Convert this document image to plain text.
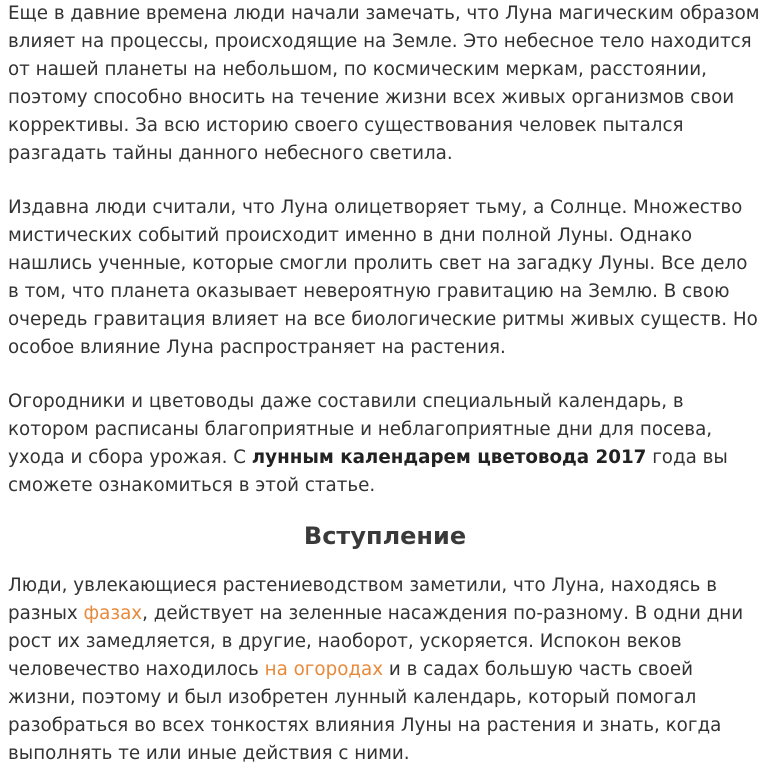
Еще в давние времена люди начали замечать, что Луна магическим образом влияет на процессы, происходящие на Земле. Это небесное тело находится от нашей планеты на небольшом, по космическим меркам, расстоянии, поэтому способно вносить на течение жизни всех живых организмов свои коррективы. За всю историю своего существования человек пытался разгадать тайны данного небесного светила.

Издавна люди считали, что Луна олицетворяет тьму, а Солнце. Множество мистических событий происходит именно в дни полной Луны. Однако нашлись ученные, которые смогли пролить свет на загадку Луны. Все дело в том, что планета оказывает невероятную гравитацию на Землю. В свою очередь гравитация влияет на все биологические ритмы живых существ. Но особое влияние Луна распространяет на растения.

Огородники и цветоводы даже составили специальный календарь, в котором расписаны благоприятные и неблагоприятные дни для посева, ухода и сбора урожая. С лунным календарем цветовода 2017 года вы сможете ознакомиться в этой статье.

Вступление

Люди, увлекающиеся растениеводством заметили, что Луна, находясь в разных фазах, действует на зеленные насаждения по-разному. В одни дни рост их замедляется, в другие, наоборот, ускоряется. Испокон веков человечество находилось на огородах и в садах большую часть своей жизни, поэтому и был изобретен лунный календарь, который помогал разобраться во всех тонкостях влияния Луны на растения и знать, когда выполнять те или иные действия с ними.
